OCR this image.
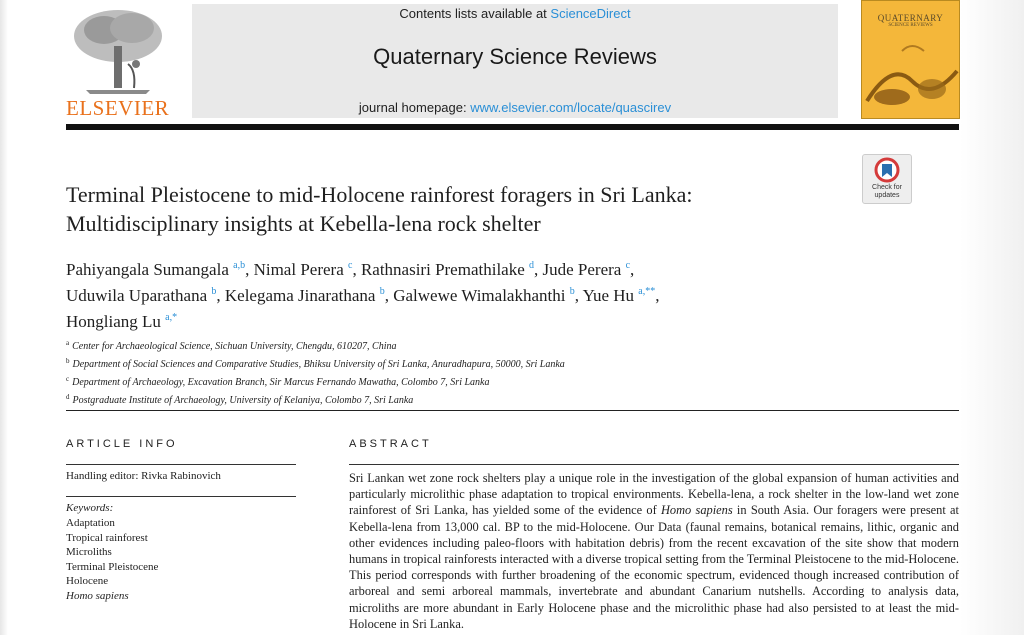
ELSEVIER
Contents lists available at ScienceDirect
Quaternary Science Reviews
journal homepage: www.elsevier.com/locate/quascirev
QUATERNARY
SCIENCE REVIEWS
Check for
updates
Terminal Pleistocene to mid-Holocene rainforest foragers in Sri Lanka:
Multidisciplinary insights at Kebella-lena rock shelter
Pahiyangala Sumangala $^{a,b}$, Nimal Perera $^c$, Rathnasiri Premathilake $^d$, Jude Perera $^c$,
Uduwila Uparathana $^b$, Kelegama Jinarathana $^b$, Galwewe Wimalakhanthi $^b$, Yue Hu $^{a,**}$,
Hongliang Lu $^{a,*}$
$^a$ Center for Archaeological Science, Sichuan University, Chengdu, 610207, China
$^b$ Department of Social Sciences and Comparative Studies, Bhiksu University of Sri Lanka, Anuradhapura, 50000, Sri Lanka
$^c$ Department of Archaeology, Excavation Branch, Sir Marcus Fernando Mawatha, Colombo 7, Sri Lanka
$^d$ Postgraduate Institute of Archaeology, University of Kelaniya, Colombo 7, Sri Lanka
ARTICLE INFO
Handling editor: Rivka Rabinovich
Keywords:
Adaptation
Tropical rainforest
Microliths
Terminal Pleistocene
Holocene
Homo sapiens
ABSTRACT
Sri Lankan wet zone rock shelters play a unique role in the investigation of the global expansion of human activities and particularly microlithic phase adaptation to tropical environments. Kebella-lena, a rock shelter in the low-land wet zone rainforest of Sri Lanka, has yielded some of the evidence of Homo sapiens in South Asia. Our foragers were present at Kebella-lena from 13,000 cal. BP to the mid-Holocene. Our Data (faunal remains, botanical remains, lithic, organic and other evidences including paleo-floors with habitation debris) from the recent excavation of the site show that modern humans in tropical rainforests interacted with a diverse tropical setting from the Terminal Pleistocene to the mid-Holocene. This period corresponds with further broadening of the economic spectrum, evidenced though increased contribution of arboreal and semi arboreal mammals, invertebrate and abundant Canarium nutshells. According to analysis data, microliths are more abundant in Early Holocene phase and the microlithic phase had also persisted to at least the mid- Holocene in Sri Lanka.
